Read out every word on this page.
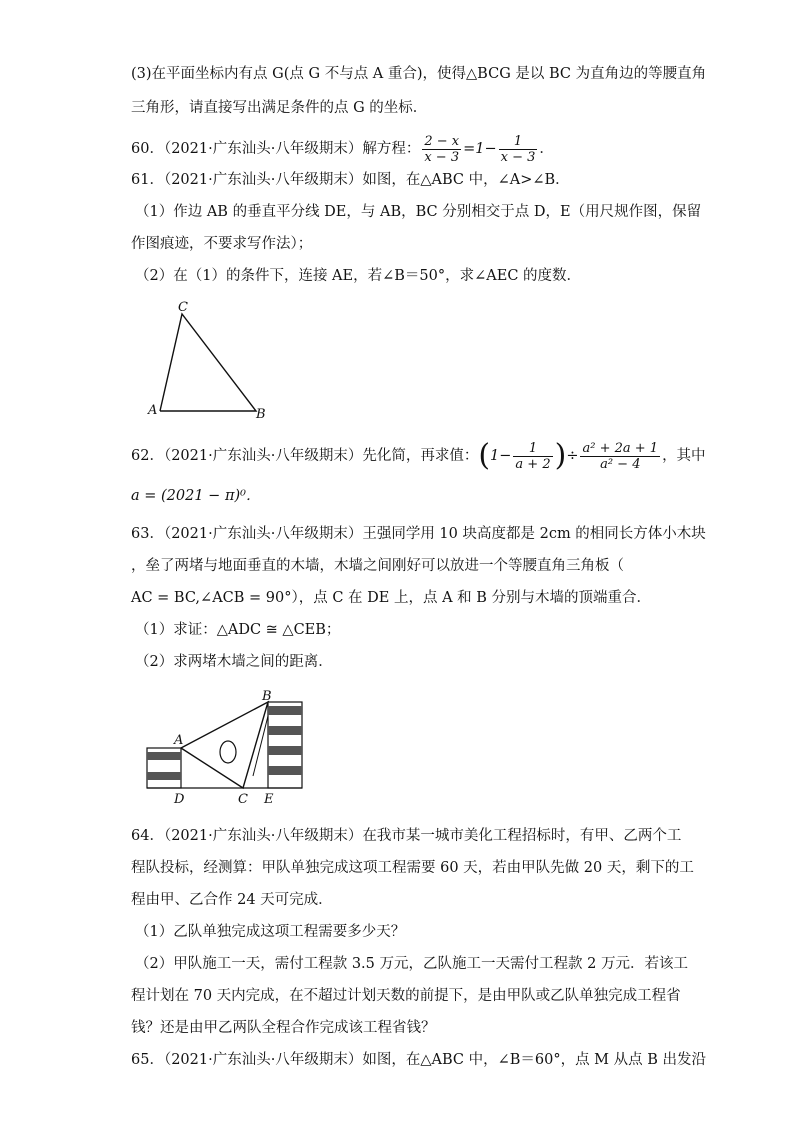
(3)在平面坐标内有点 G(点 G 不与点 A 重合)，使得△BCG 是以 BC 为直角边的等腰直角
三角形，请直接写出满足条件的点 G 的坐标．
60．（2021·广东汕头·八年级期末）解方程： $\frac{2 - x}{x - 3} =1- \frac{1}{x - 3}$ ．
61．（2021·广东汕头·八年级期末）如图，在△ABC 中，∠A>∠B．
（1）作边 AB 的垂直平分线 DE，与 AB，BC 分别相交于点 D，E（用尺规作图，保留
作图痕迹，不要求写作法）；
（2）在（1）的条件下，连接 AE，若∠B＝50°，求∠AEC 的度数．
C
A	B
62．（2021·广东汕头·八年级期末）先化简，再求值：($1- \frac{1}{a + 2}$ )÷ $\frac{\text{a² + 2a + 1}}{\text{a² − 4}}$ ，其中
a = (2021 − π)⁰．
63．（2021·广东汕头·八年级期末）王强同学用 10 块高度都是 2cm 的相同长方体小木块
，垒了两堵与地面垂直的木墙，木墙之间刚好可以放进一个等腰直角三角板（
AC = BC,∠ACB = 90°），点 C 在 DE 上，点 A 和 B 分别与木墙的顶端重合．
（1）求证：△ADC ≅ △CEB；
（2）求两堵木墙之间的距离．
A
B
C
D	E
64．（2021·广东汕头·八年级期末）在我市某一城市美化工程招标时，有甲、乙两个工
程队投标，经测算：甲队单独完成这项工程需要 60 天，若由甲队先做 20 天，剩下的工
程由甲、乙合作 24 天可完成．
（1）乙队单独完成这项工程需要多少天？
（2）甲队施工一天，需付工程款 3.5 万元，乙队施工一天需付工程款 2 万元．若该工
程计划在 70 天内完成，在不超过计划天数的前提下，是由甲队或乙队单独完成工程省
钱？还是由甲乙两队全程合作完成该工程省钱？
65．（2021·广东汕头·八年级期末）如图，在△ABC 中，∠B＝60°，点 M 从点 B 出发沿
